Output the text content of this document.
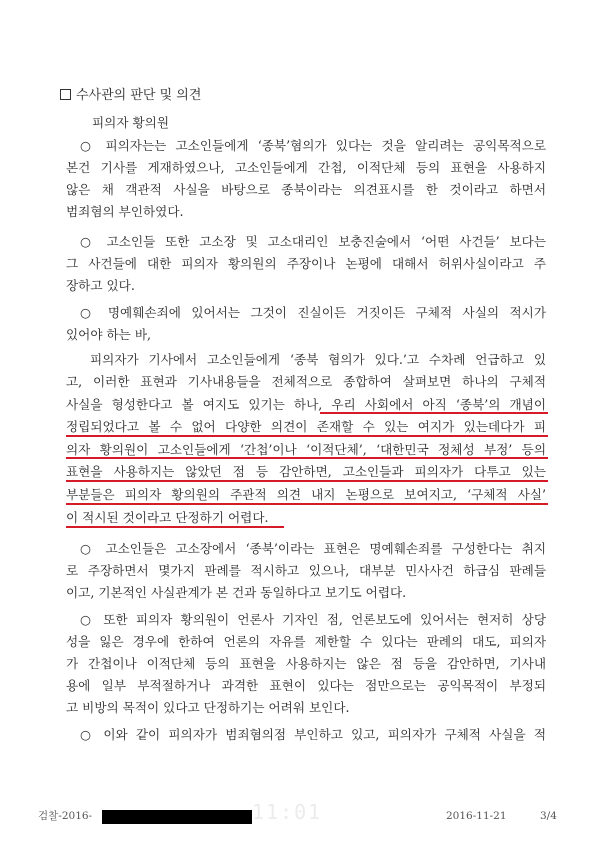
수사관의 판단 및 의견
피의자 황의원
○ 피의자는는 고소인들에게 ‘종북’혐의가 있다는 것을 알리려는 공익목적으로
본건 기사를 게재하였으나, 고소인들에게 간첩, 이적단체 등의 표현을 사용하지
않은 채 객관적 사실을 바탕으로 종북이라는 의견표시를 한 것이라고 하면서
범죄혐의 부인하였다.
○ 고소인들 또한 고소장 및 고소대리인 보충진술에서 ‘어떤 사건들’ 보다는
그 사건들에 대한 피의자 황의원의 주장이나 논평에 대해서 허위사실이라고 주
장하고 있다.
○ 명예훼손죄에 있어서는 그것이 진실이든 거짓이든 구체적 사실의 적시가
있어야 하는 바,
피의자가 기사에서 고소인들에게 ‘종북 혐의가 있다.’고 수차례 언급하고 있
고, 이러한 표현과 기사내용들을 전체적으로 종합하여 살펴보면 하나의 구체적
사실을 형성한다고 볼 여지도 있기는 하나, 우리 사회에서 아직 ‘종북’의 개념이
정립되었다고 볼 수 없어 다양한 의견이 존재할 수 있는 여지가 있는데다가 피
의자 황의원이 고소인들에게 ‘간첩’이나 ‘이적단체’, ‘대한민국 정체성 부정’ 등의
표현을 사용하지는 않았던 점 등 감안하면, 고소인들과 피의자가 다투고 있는
부분들은 피의자 황의원의 주관적 의견 내지 논평으로 보여지고, ‘구체적 사실’
이 적시된 것이라고 단정하기 어렵다.
○ 고소인들은 고소장에서 ‘종북’이라는 표현은 명예훼손죄를 구성한다는 취지
로 주장하면서 몇가지 판례를 적시하고 있으나, 대부분 민사사건 하급심 판례들
이고, 기본적인 사실관계가 본 건과 동일하다고 보기도 어렵다.
○ 또한 피의자 황의원이 언론사 기자인 점, 언론보도에 있어서는 현저히 상당
성을 잃은 경우에 한하여 언론의 자유를 제한할 수 있다는 판례의 대도, 피의자
가 간첩이나 이적단체 등의 표현을 사용하지는 않은 점 등을 감안하면, 기사내
용에 일부 부적절하거나 과격한 표현이 있다는 점만으로는 공익목적이 부정되
고 비방의 목적이 있다고 단정하기는 어려워 보인다.
○ 이와 같이 피의자가 범죄혐의점 부인하고 있고, 피의자가 구체적 사실을 적
검찰-2016-	11:01	2016-11-21	3/4
